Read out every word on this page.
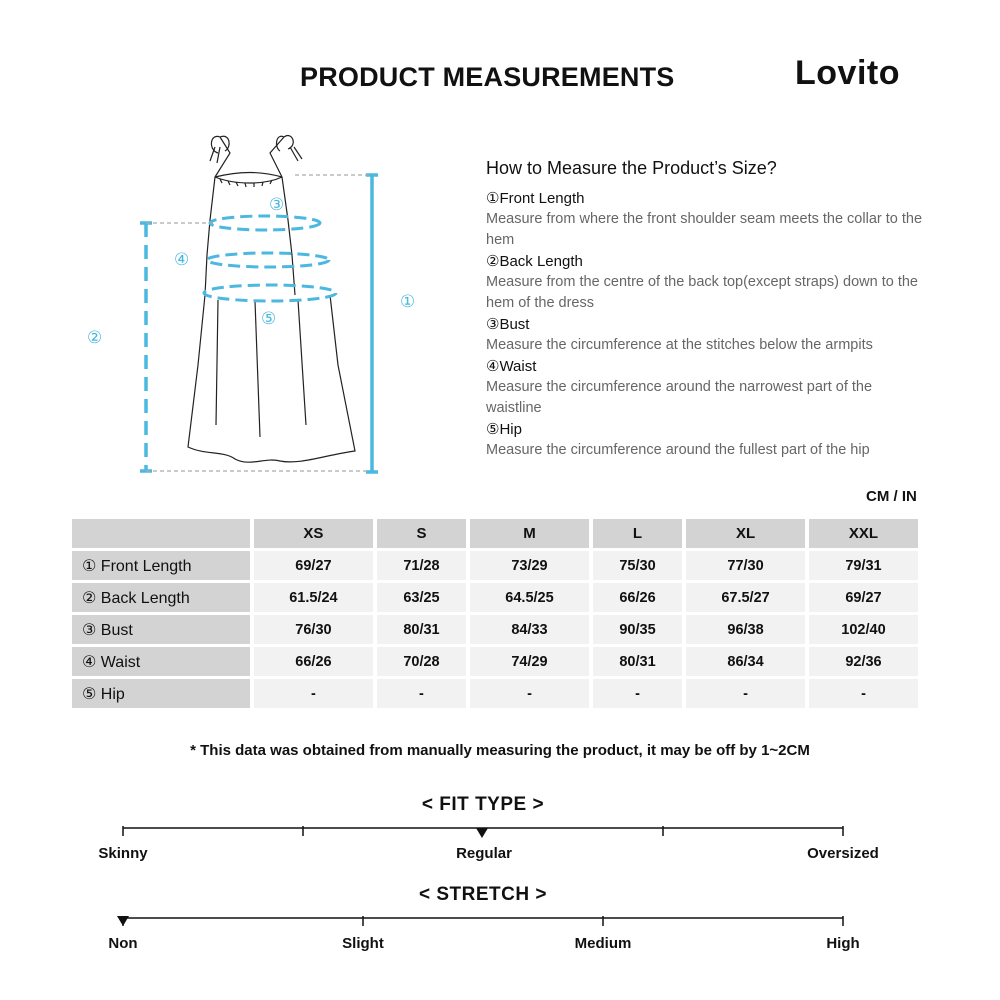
PRODUCT MEASUREMENTS	Lovito
①
②
③
④
⑤
How to Measure the Product’s Size?
①Front Length
Measure from where the front shoulder seam meets the collar to the hem
②Back Length
Measure from the centre of the back top(except straps) down to the hem of the dress
③Bust
Measure the circumference at the stitches below the armpits
④Waist
Measure the circumference around the narrowest part of the waistline
⑤Hip
Measure the circumference around the fullest part of the hip
CM / IN
	XS	S	M	L	XL	XXL
① Front Length	69/27	71/28	73/29	75/30	77/30	79/31
② Back Length	61.5/24	63/25	64.5/25	66/26	67.5/27	69/27
③ Bust	76/30	80/31	84/33	90/35	96/38	102/40
④ Waist	66/26	70/28	74/29	80/31	86/34	92/36
⑤ Hip	-	-	-	-	-	-
* This data was obtained from manually measuring the product, it may be off by 1~2CM
< FIT TYPE >
Skinny	Regular	Oversized
< STRETCH >
Non	Slight	Medium	High
